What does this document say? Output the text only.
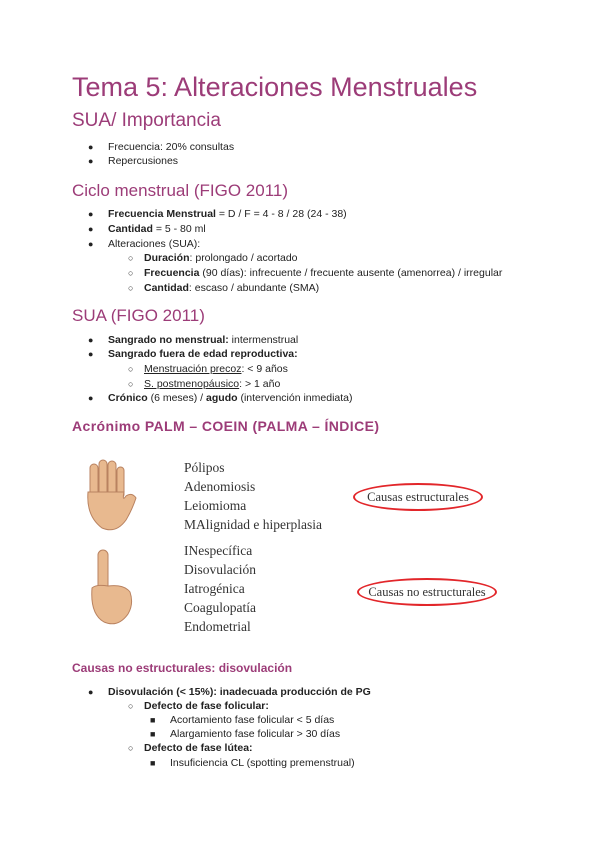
Tema 5: Alteraciones Menstruales
SUA/ Importancia
● Frecuencia: 20% consultas
● Repercusiones
Ciclo menstrual (FIGO 2011)
● Frecuencia Menstrual = D / F = 4 - 8 / 28 (24 - 38)
● Cantidad = 5 - 80 ml
● Alteraciones (SUA):
○ Duración: prolongado / acortado
○ Frecuencia (90 días): infrecuente / frecuente ausente (amenorrea) / irregular
○ Cantidad: escaso / abundante (SMA)
SUA (FIGO 2011)
● Sangrado no menstrual: intermenstrual
● Sangrado fuera de edad reproductiva:
○ Menstruación precoz: < 9 años
○ S. postmenopáusico: > 1 año
● Crónico (6 meses) / agudo (intervención inmediata)
Acrónimo PALM – COEIN (PALMA – ÍNDICE)
Pólipos
Adenomiosis
Leiomioma
MAlignidad e hiperplasia
INespecífica
Disovulación
Iatrogénica
Coagulopatía
Endometrial
Causas estructurales
Causas no estructurales
Causas no estructurales: disovulación
● Disovulación (< 15%): inadecuada producción de PG
○ Defecto de fase folicular:
■ Acortamiento fase folicular < 5 días
■ Alargamiento fase folicular > 30 días
○ Defecto de fase lútea:
■ Insuficiencia CL (spotting premenstrual)
